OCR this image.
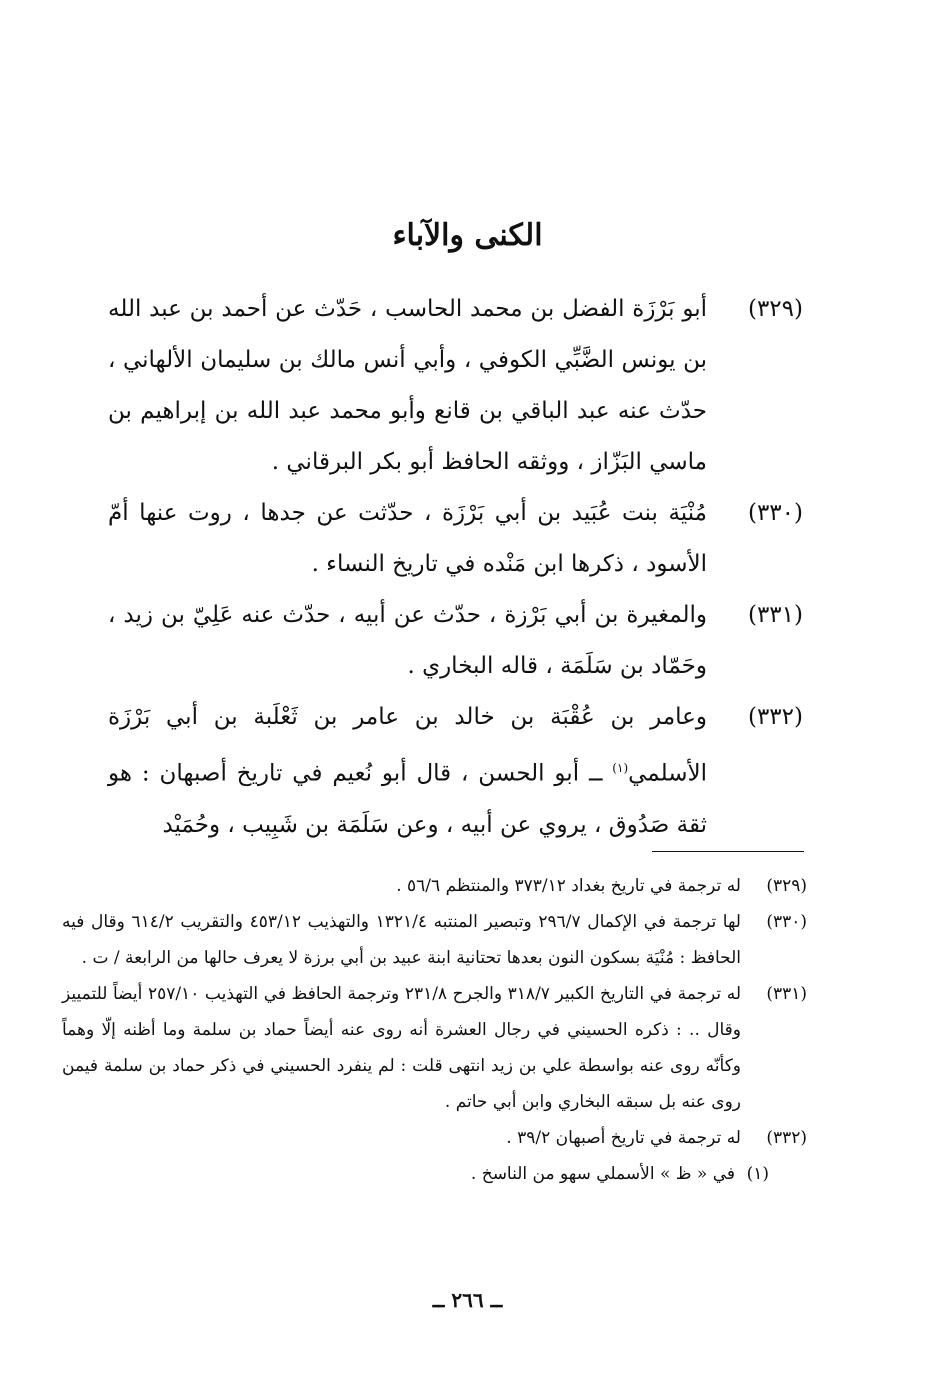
الكنى والآباء
(٣٢٩)
أبو بَرْزَة الفضل بن محمد الحاسب ، حَدّث عن أحمد بن عبد الله بن يونس الضَّبِّي الكوفي ، وأبي أنس مالك بن سليمان الألهاني ، حدّث عنه عبد الباقي بن قانع وأبو محمد عبد الله بن إبراهيم بن ماسي البَزّاز ، ووثقه الحافظ أبو بكر البرقاني .
(٣٣٠)
مُنْيَة بنت عُبَيد بن أبي بَرْزَة ، حدّثت عن جدها ، روت عنها أمّ الأسود ، ذكرها ابن مَنْده في تاريخ النساء .
(٣٣١)
والمغيرة بن أبي بَرْزة ، حدّث عن أبيه ، حدّث عنه عَلِيّ بن زيد ، وحَمّاد بن سَلَمَة ، قاله البخاري .
(٣٣٢)
وعامر بن عُقْبَة بن خالد بن عامر بن ثَعْلَبة بن أبي بَرْزَة الأسلمي$^{(١)}$ ــ أبو الحسن ، قال أبو نُعيم في تاريخ أصبهان : هو ثقة صَدُوق ، يروي عن أبيه ، وعن سَلَمَة بن شَبِيب ، وحُمَيْد
(٣٢٩)
له ترجمة في تاريخ بغداد ٣٧٣/١٢ والمنتظم ٥٦/٦ .
(٣٣٠)
لها ترجمة في الإكمال ٢٩٦/٧ وتبصير المنتبه ١٣٢١/٤ والتهذيب ٤٥٣/١٢ والتقريب ٦١٤/٢ وقال فيه الحافظ : مُنْيَة بسكون النون بعدها تحتانية ابنة عبيد بن أبي برزة لا يعرف حالها من الرابعة / ت .
(٣٣١)
له ترجمة في التاريخ الكبير ٣١٨/٧ والجرح ٢٣١/٨ وترجمة الحافظ في التهذيب ٢٥٧/١٠ أيضاً للتمييز وقال .. : ذكره الحسيني في رجال العشرة أنه روى عنه أيضاً حماد بن سلمة وما أظنه إلّا وهماً وكأنّه روى عنه بواسطة علي بن زيد انتهى قلت : لم ينفرد الحسيني في ذكر حماد بن سلمة فيمن روى عنه بل سبقه البخاري وابن أبي حاتم .
(٣٣٢)
له ترجمة في تاريخ أصبهان ٣٩/٢ .
(١)
في « ظ » الأسملي سهو من الناسخ .
ــ ٢٦٦ ــ
